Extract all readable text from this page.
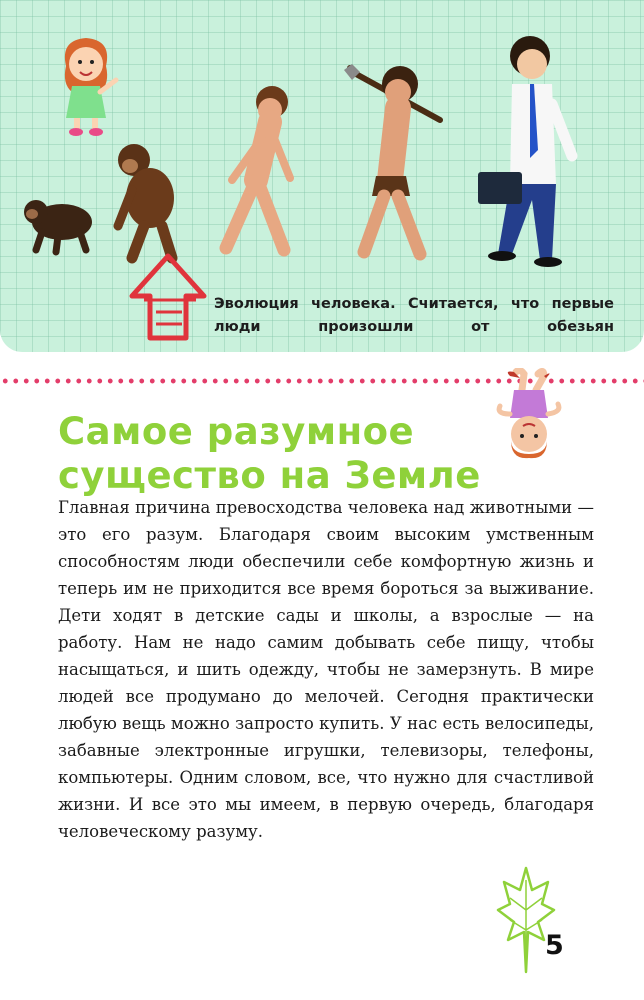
Эволюция человека. Считается, что первые люди произошли от обезьян
Самое разумное существо на Земле

Главная причина превосходства человека над животными — это его разум. Благодаря своим высоким умственным способностям люди обеспечили себе комфортную жизнь и теперь им не приходится все время бороться за выживание. Дети ходят в детские сады и школы, а взрослые — на работу. Нам не надо самим добывать себе пищу, чтобы насыщаться, и шить одежду, чтобы не замерзнуть. В мире людей все продумано до мелочей. Сегодня практически любую вещь можно запросто купить. У нас есть велосипеды, забавные электронные игрушки, телевизоры, телефоны, компьютеры. Одним словом, все, что нужно для счастливой жизни. И все это мы имеем, в первую очередь, благодаря человеческому разуму.

5
